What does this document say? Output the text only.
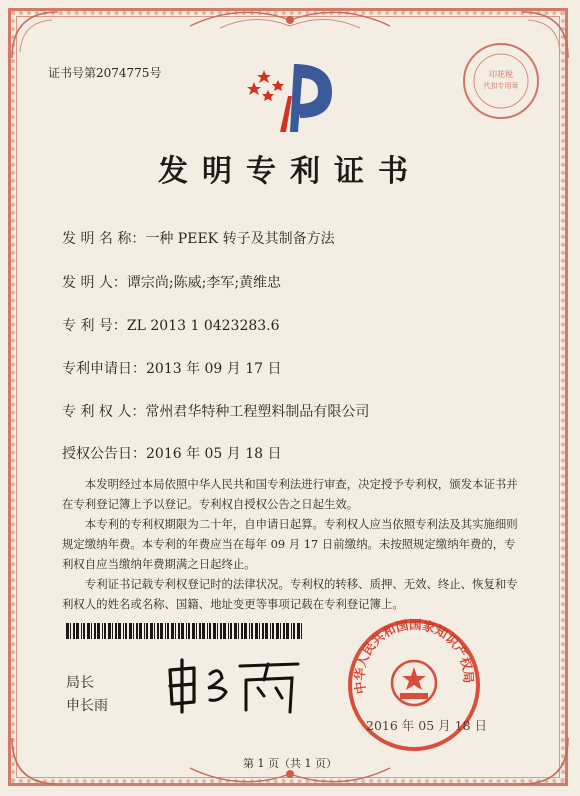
证书号第2074775号	印花税
代扣专用章
发明专利证书
发 明 名 称：一种 PEEK 转子及其制备方法
发 明 人：谭宗尚;陈威;李军;黄维忠
专 利 号：ZL 2013 1 0423283.6
专利申请日：2013 年 09 月 17 日
专 利 权 人：常州君华特种工程塑料制品有限公司
授权公告日：2016 年 05 月 18 日

本发明经过本局依照中华人民共和国专利法进行审查，决定授予专利权，颁发本证书并在专利登记簿上予以登记。专利权自授权公告之日起生效。

本专利的专利权期限为二十年，自申请日起算。专利权人应当依照专利法及其实施细则规定缴纳年费。本专利的年费应当在每年 09 月 17 日前缴纳。未按照规定缴纳年费的，专利权自应当缴纳年费期满之日起终止。

专利证书记载专利权登记时的法律状况。专利权的转移、质押、无效、终止、恢复和专利权人的姓名或名称、国籍、地址变更等事项记载在专利登记簿上。

局长
申长雨
中华人民共和国国家知识产权局
2016 年 05 月 18 日
第 1 页（共 1 页）
